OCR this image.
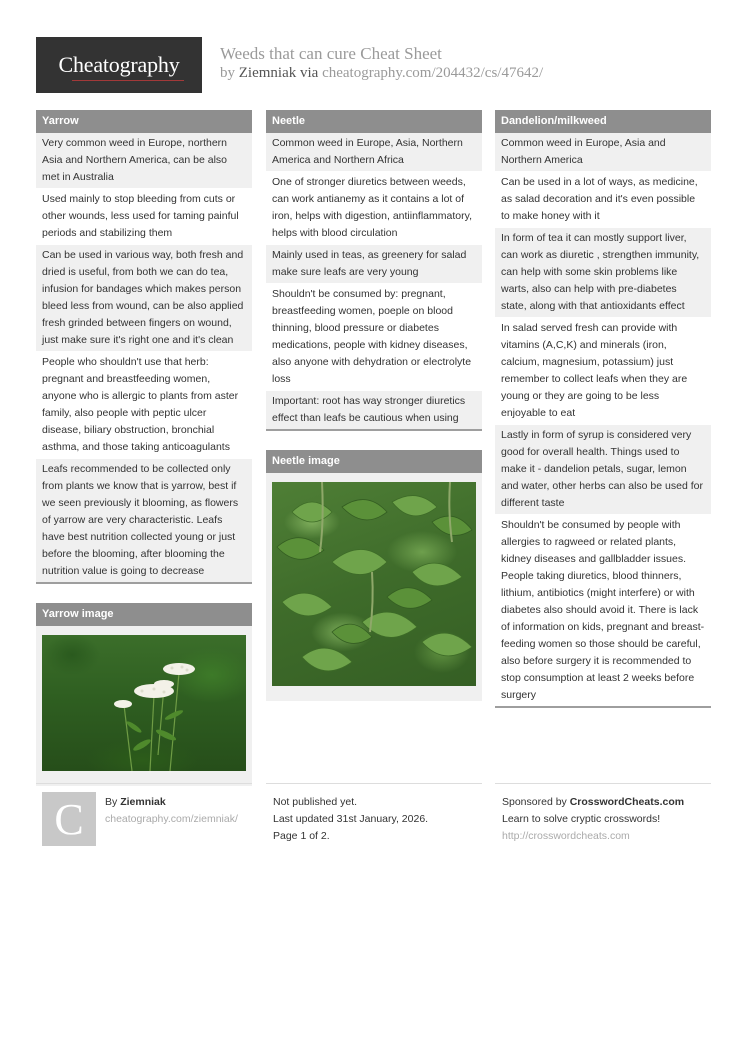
Cheatography Weeds that can cure Cheat Sheet
by Ziemniak via cheatography.com/204432/cs/47642/
Yarrow
Very common weed in Europe, northern Asia and Northern America, can be also met in Australia
Used mainly to stop bleeding from cuts or other wounds, less used for taming painful periods and stabilizing them
Can be used in various way, both fresh and dried is useful, from both we can do tea, infusion for bandages which makes person bleed less from wound, can be also applied fresh grinded between fingers on wound, just make sure it's right one and it's clean
People who shouldn't use that herb: pregnant and breastfeeding women, anyone who is allergic to plants from aster family, also people with peptic ulcer disease, biliary obstruction, bronchial asthma, and those taking anticoagulants
Leafs recommended to be collected only from plants we know that is yarrow, best if we seen previously it blooming, as flowers of yarrow are very characteristic. Leafs have best nutrition collected young or just before the blooming, after blooming the nutrition value is going to decrease
Yarrow image
Neetle
Common weed in Europe, Asia, Northern America and Northern Africa
One of stronger diuretics between weeds, can work antianemy as it contains a lot of iron, helps with digestion, antiinflammatory, helps with blood circulation
Mainly used in teas, as greenery for salad make sure leafs are very young
Shouldn't be consumed by: pregnant, breastfeeding women, poeple on blood thinning, blood pressure or diabetes medications, people with kidney diseases, also anyone with dehydration or electrolyte loss
Important: root has way stronger diuretics effect than leafs be cautious when using
Neetle image
Dandelion/milkweed
Common weed in Europe, Asia and Northern America
Can be used in a lot of ways, as medicine, as salad decoration and it's even possible to make honey with it
In form of tea it can mostly support liver, can work as diuretic , strengthen immunity, can help with some skin problems like warts, also can help with pre-diabetes state, along with that antioxidants effect
In salad served fresh can provide with vitamins (A,C,K) and minerals (iron, calcium, magnesium, potassium) just remember to collect leafs when they are young or they are going to be less enjoyable to eat
Lastly in form of syrup is considered very good for overall health. Things used to make it - dandelion petals, sugar, lemon and water, other herbs can also be used for different taste
Shouldn't be consumed by people with allergies to ragweed or related plants, kidney diseases and gallbladder issues. People taking diuretics, blood thinners, lithium, antibiotics (might interfere) or with diabetes also should avoid it. There is lack of information on kids, pregnant and breast-feeding women so those should be careful, also before surgery it is recommended to stop consumption at least 2 weeks before surgery
C	By Ziemniak
cheatography.com/ziemniak/
Not published yet.
Last updated 31st January, 2026.
Page 1 of 2.
Sponsored by CrosswordCheats.com
Learn to solve cryptic crosswords!
http://crosswordcheats.com
